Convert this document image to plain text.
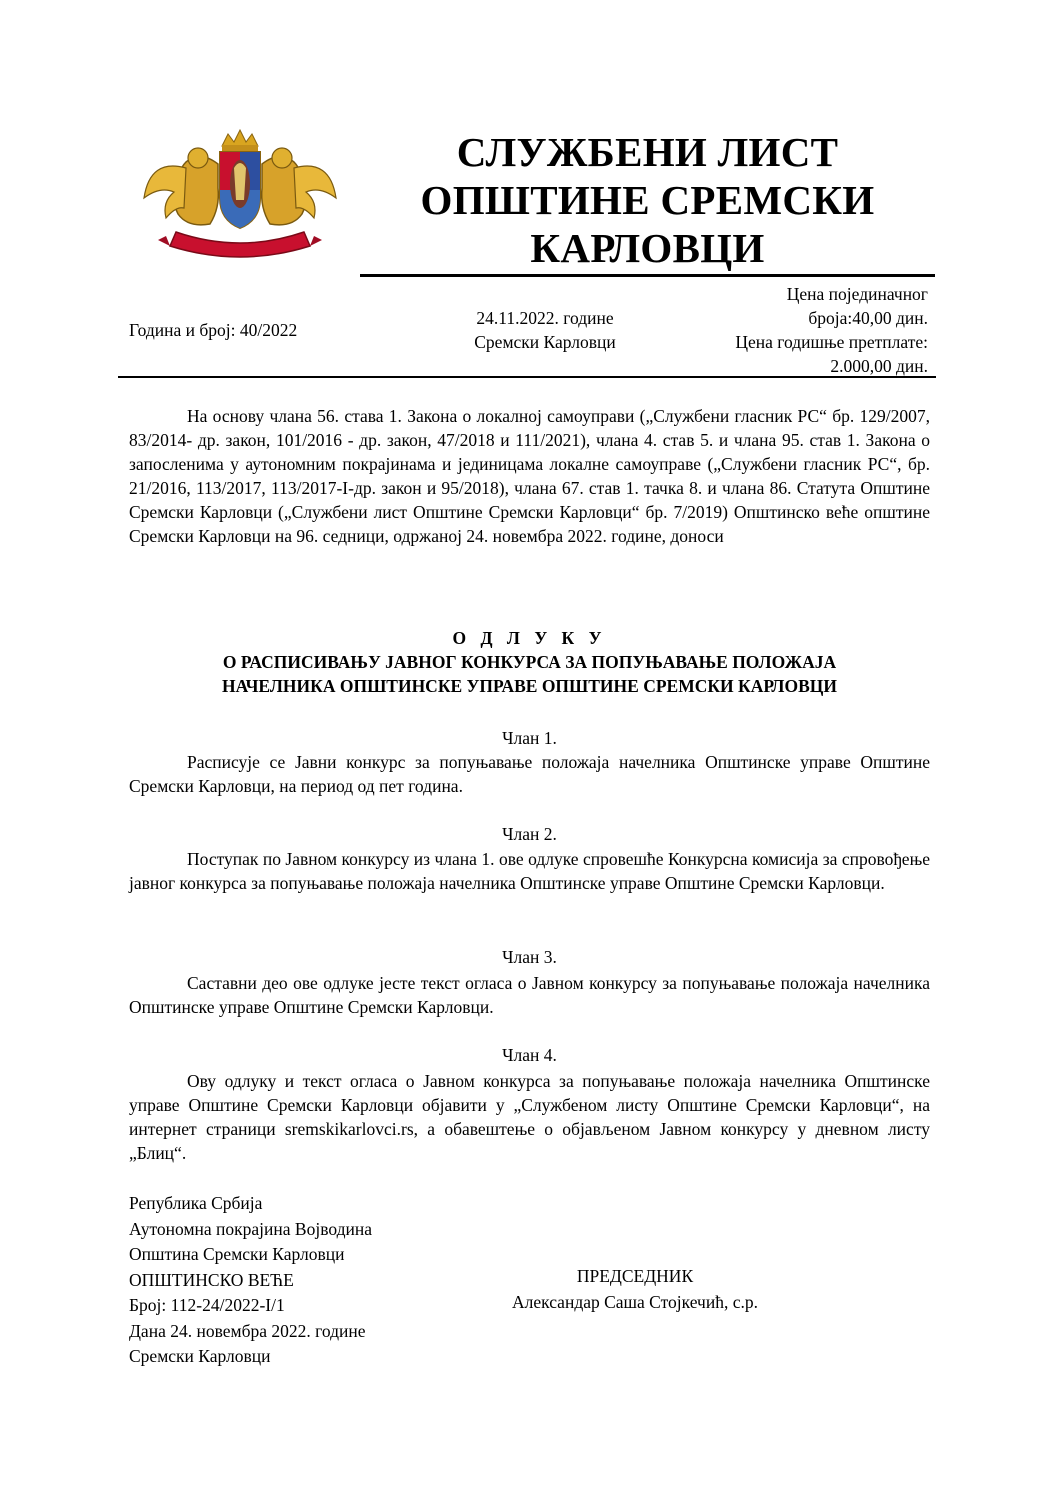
СЛУЖБЕНИ ЛИСТ
ОПШТИНЕ СРЕМСКИ
КАРЛОВЦИ
Година и број: 40/2022
24.11.2022. године
Сремски Карловци
Цена појединачног
броја:40,00 дин.
Цена годишње претплате:
2.000,00 дин.

На основу члана 56. става 1. Закона о локалној самоуправи („Службени гласник РС“ бр. 129/2007, 83/2014- др. закон, 101/2016 - др. закон, 47/2018 и 111/2021), члана 4. став 5. и члана 95. став 1. Закона о запосленима у аутономним покрајинама и јединицама локалне самоуправе („Службени гласник РС“, бр. 21/2016, 113/2017, 113/2017-I-др. закон и 95/2018), члана 67. став 1. тачка 8. и члана 86. Статута Општине Сремски Карловци („Службени лист Општине Сремски Карловци“ бр. 7/2019) Општинско веће општине Сремски Карловци на 96. седници, одржаној 24. новембра 2022. године, доноси

О Д Л У К У
О РАСПИСИВАЊУ ЈАВНОГ КОНКУРСА ЗА ПОПУЊАВАЊЕ ПОЛОЖАЈА
НАЧЕЛНИКА ОПШТИНСКЕ УПРАВЕ ОПШТИНЕ СРЕМСКИ КАРЛОВЦИ
Члан 1.

Расписује се Јавни конкурс за попуњавање положаја начелника Општинске управе Општине Сремски Карловци, на период од пет година.

Члан 2.

Поступак по Јавном конкурсу из члана 1. ове одлуке спровешће Конкурсна комисија за спровођење јавног конкурса за попуњавање положаја начелника Општинске управе Општине Сремски Карловци.

Члан 3.

Саставни део ове одлуке јесте текст огласа о Јавном конкурсу за попуњавање положаја начелника Општинске управе Општине Сремски Карловци.

Члан 4.

Ову одлуку и текст огласа о Јавном конкурса за попуњавање положаја начелника Општинске управе Општине Сремски Карловци објавити у „Службеном листу Општине Сремски Карловци“, на интернет страници sremskikarlovci.rs, а обавештење о објављеном Јавном конкурсу у дневном листу „Блиц“.

Република Србија
Аутономна покрајина Војводина
Општина Сремски Карловци
ОПШТИНСКО ВЕЋЕ
Број: 112-24/2022-I/1
Дана 24. новембра 2022. године
Сремски Карловци
ПРЕДСЕДНИК
Александар Саша Стојкечић, с.р.
